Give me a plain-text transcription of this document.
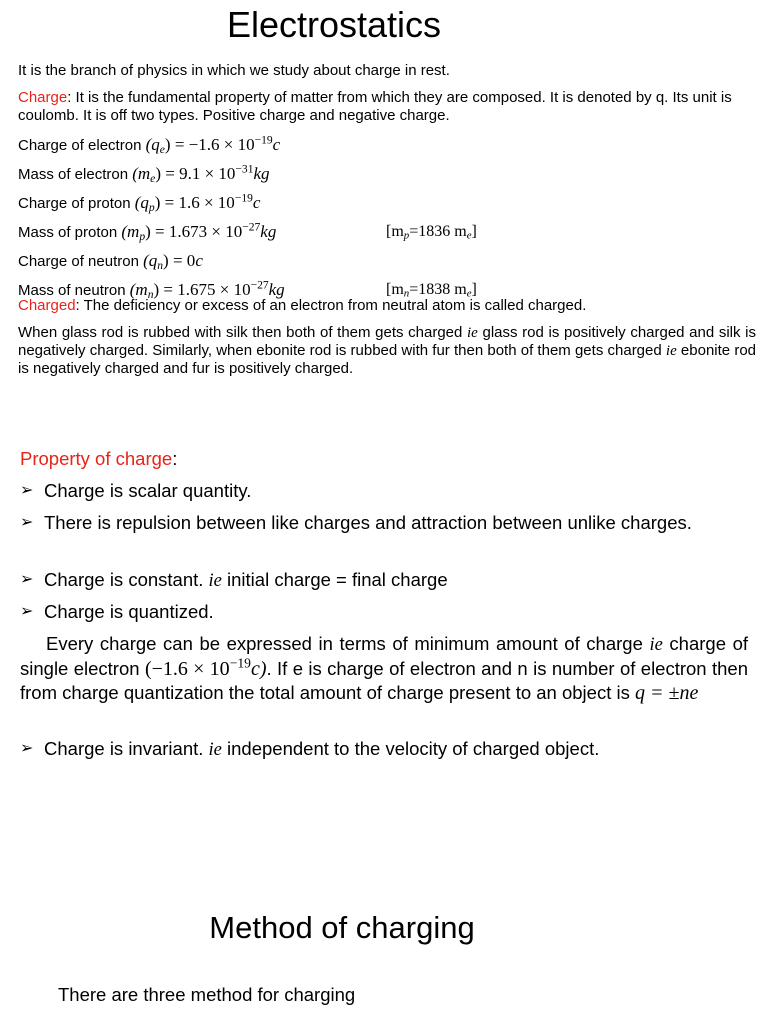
Electrostatics
It is the branch of physics in which we study about charge in rest.
Charge: It is the fundamental property of matter from which they are composed. It is denoted by q. Its unit is coulomb. It is off two types. Positive charge and negative charge.
Charge of electron $(q_e) = -1.6 \times 10^{-19}c$
Mass of electron $(m_e) = 9.1 \times 10^{-31}kg$
Charge of proton $(q_p) = 1.6 \times 10^{-19}c$
Mass of proton $(m_p) = 1.673 \times 10^{-27}kg$	[$m_p=1836$ $m_e$]
Charge of neutron $(q_n) = 0c$
Mass of neutron $(m_n) = 1.675 \times 10^{-27}kg$	[$m_n=1838$ $m_e$]
Charged: The deficiency or excess of an electron from neutral atom is called charged.
When glass rod is rubbed with silk then both of them gets charged ie glass rod is positively charged and silk is negatively charged. Similarly, when ebonite rod is rubbed with fur then both of them gets charged ie ebonite rod is negatively charged and fur is positively charged.
Property of charge:
➢ Charge is scalar quantity.
➢ There is repulsion between like charges and attraction between unlike charges.
➢ Charge is constant. ie initial charge = final charge
➢ Charge is quantized.
Every charge can be expressed in terms of minimum amount of charge ie charge of single electron $(-1.6 \times 10^{-19}c)$. If e is charge of electron and n is number of electron then from charge quantization the total amount of charge present to an object is q = ±ne
➢ Charge is invariant. ie independent to the velocity of charged object.
Method of charging
There are three method for charging
